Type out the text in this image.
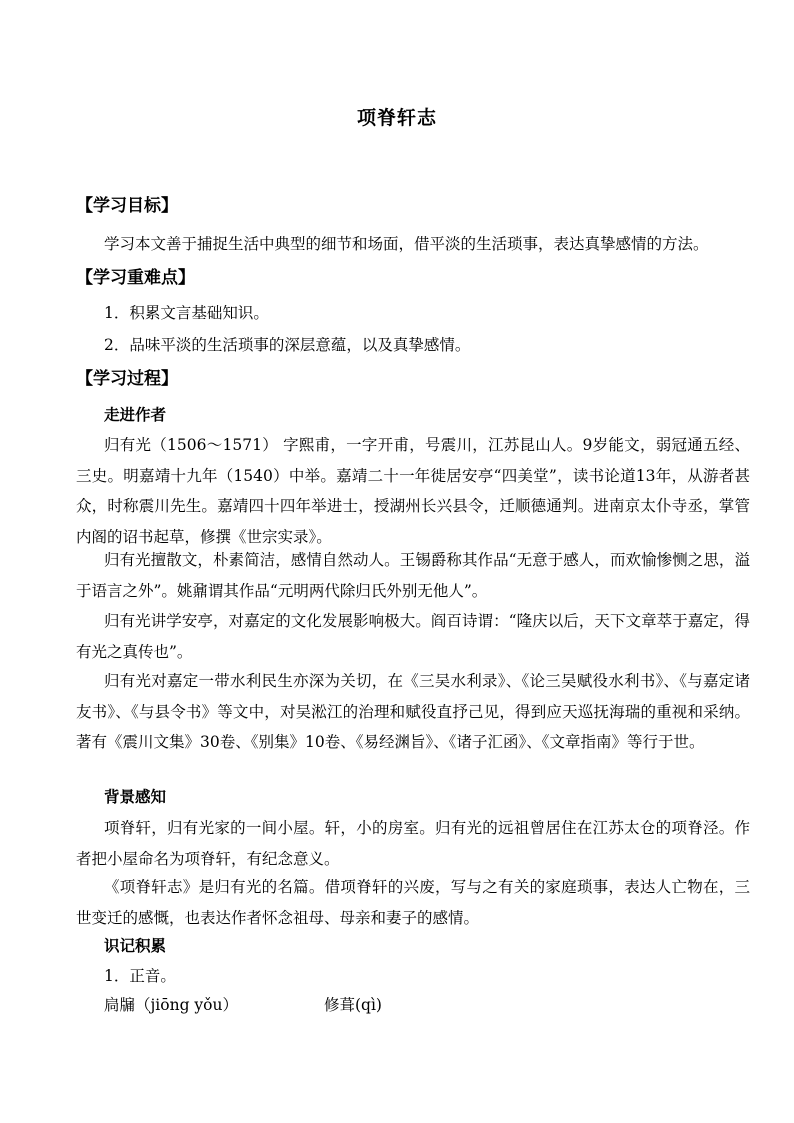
项脊轩志
【学习目标】
学习本文善于捕捉生活中典型的细节和场面，借平淡的生活琐事，表达真挚感情的方法。
【学习重难点】
1．积累文言基础知识。
2．品味平淡的生活琐事的深层意蕴，以及真挚感情。
【学习过程】
走进作者
归有光（1506～1571） 字熙甫，一字开甫，号震川，江苏昆山人。9岁能文，弱冠通五经、三史。明嘉靖十九年（1540）中举。嘉靖二十一年徙居安亭“四美堂”，读书论道13年，从游者甚众，时称震川先生。嘉靖四十四年举进士，授湖州长兴县令，迁顺德通判。进南京太仆寺丞，掌管内阁的诏书起草，修撰《世宗实录》。
归有光擅散文，朴素简洁，感情自然动人。王锡爵称其作品“无意于感人，而欢愉惨恻之思，溢于语言之外”。姚鼐谓其作品“元明两代除归氏外别无他人”。
归有光讲学安亭，对嘉定的文化发展影响极大。阎百诗谓：“隆庆以后，天下文章萃于嘉定，得有光之真传也”。
归有光对嘉定一带水利民生亦深为关切，在《三吴水利录》、《论三吴赋役水利书》、《与嘉定诸友书》、《与县令书》等文中，对吴淞江的治理和赋役直抒己见，得到应天巡抚海瑞的重视和采纳。著有《震川文集》30卷、《别集》10卷、《易经渊旨》、《诸子汇函》、《文章指南》等行于世。
背景感知
项脊轩，归有光家的一间小屋。轩，小的房室。归有光的远祖曾居住在江苏太仓的项脊泾。作者把小屋命名为项脊轩，有纪念意义。
《项脊轩志》是归有光的名篇。借项脊轩的兴废，写与之有关的家庭琐事，表达人亡物在，三世变迁的感慨，也表达作者怀念祖母、母亲和妻子的感情。
识记积累
1．正音。
扃牖（jiōng yǒu）	修葺(qì)
